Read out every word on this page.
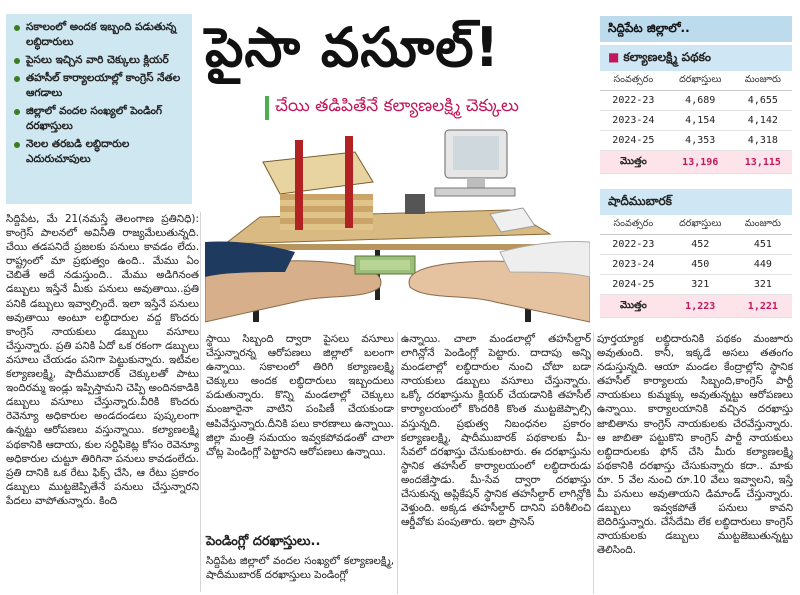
సకాలంలో అందక ఇబ్బంది పడుతున్న లబ్ధిదారులు
పైసలు ఇచ్చిన వారి చెక్కులు క్లియర్
తహసీల్ కార్యాలయాల్లో కాంగ్రెస్ నేతల ఆగడాలు
జిల్లాలో వందల సంఖ్యలో పెండింగ్ దరఖాస్తులు
నెలల తరబడి లబ్ధిదారుల ఎదురుచూపులు
పైసా వసూల్!
చేయి తడిపితేనే కల్యాణలక్ష్మి చెక్కులు
సిద్దిపేట జిల్లాలో..
■ కల్యాణలక్ష్మి పథకం
సంవత్సరం	దరఖాస్తులు	మంజూరు
2022-23	4,689	4,655
2023-24	4,154	4,142
2024-25	4,353	4,318
మొత్తం	13,196	13,115
షాదీముబారక్
సంవత్సరం	దరఖాస్తులు	మంజూరు
2022-23	452	451
2023-24	450	449
2024-25	321	321
మొత్తం	1,223	1,221
సిద్దిపేట, మే 21(నమస్తే తెలంగాణ ప్రతినిధి): కాంగ్రెస్ పాలనలో అవినీతి రాజ్యమేలుతున్నది. చేయి తడపనిదే ప్రజలకు పనులు కావడం లేదు. రాష్ట్రంలో మా ప్రభుత్వం ఉంది.. మేము ఏం చెబితే అదే నడుస్తుంది.. మేము అడిగినంత డబ్బులు ఇస్తేనే మీకు పనులు అవుతాయి..ప్రతి పనికి డబ్బులు ఇవ్వాల్సిందే. ఇలా ఇస్తేనే పనులు అవుతాయి అంటూ లబ్ధిదారుల వద్ద కొందరు కాంగ్రెస్ నాయకులు డబ్బులు వసూలు చేస్తున్నారు. ప్రతి పనికి ఏదో ఒక రకంగా డబ్బులు వసూలు చేయడం పనిగా పెట్టుకున్నారు. ఇటీవల కల్యాణలక్ష్మి, షాదీముబారక్ చెక్కులతో పాటు ఇందిరమ్మ ఇండ్లు ఇప్పిస్తామని చెప్పి అందినకాడికి డబ్బులు వసూలు చేస్తున్నారు.వీరికి కొందరు రెవెన్యూ అధికారుల అండదండలు పుష్కలంగా ఉన్నట్టు ఆరోపణలు వస్తున్నాయి. కల్యాణలక్ష్మి పథకానికి ఆదాయ, కుల సర్టిఫికెట్ల కోసం రెవెన్యూ అధికారుల చుట్టూ తిరిగినా పనులు కావడంలేదు. ప్రతి దానికి ఒక రేటు ఫిక్స్ చేసి, ఆ రేటు ప్రకారం డబ్బులు ముట్టజెప్పితేనే పనులు చేస్తున్నారని పేదలు వాపోతున్నారు. కింది
స్థాయి సిబ్బంది ద్వారా పైసలు వసూలు చేస్తున్నారన్న ఆరోపణలు జిల్లాలో బలంగా ఉన్నాయి. సకాలంలో తిరిగి కల్యాణలక్ష్మి చెక్కులు అందక లబ్ధిదారులు ఇబ్బందులు పడుతున్నారు. కొన్ని మండలాల్లో చెక్కులు మంజూరైనా వాటిని పంపిణీ చేయకుండా ఆపివేస్తున్నారు.దీనికి పలు కారణాలు ఉన్నాయి. జిల్లా మంత్రి సమయం ఇవ్వకపోవడంతో చాలా చోట్ల పెండింగ్లో పెట్టారని ఆరోపణలు ఉన్నాయి.
పెండింగ్లో దరఖాస్తులు..
సిద్దిపేట జిల్లాలో వందల సంఖ్యలో కల్యాణలక్ష్మి, షాదీముబారక్ దరఖాస్తులు పెండింగ్లో
ఉన్నాయి. చాలా మండలాల్లో తహసీల్దార్ లాగిన్లోనే పెండింగ్లో పెట్టారు. దాదాపు అన్ని మండలాల్లో లబ్ధిదారుల నుంచి చోటా బడా నాయకులు డబ్బులు వసూలు చేస్తున్నారు. ఒక్కో దరఖాస్తును క్లియర్ చేయడానికి తహసీల్ కార్యాలయంలో కొందరికి కొంత ముట్టజెప్పాల్సి వస్తున్నది. ప్రభుత్వ నిబంధనల ప్రకారం కల్యాణలక్ష్మి, షాదీముబారక్ పథకాలకు మీ-సేవలో దరఖాస్తు చేసుకుంటారు. ఈ దరఖాస్తును స్థానిక తహసీల్ కార్యాలయంలో లబ్ధిదారుడు అందజేస్తాడు. మీ-సేవ ద్వారా దరఖాస్తు చేసుకున్న అప్లికేషన్ స్థానిక తహసీల్దార్ లాగిన్లోకి వెళ్తుంది. అక్కడ తహసీల్దార్ దానిని పరిశీలించి ఆర్డీవోకు పంపుతారు. ఇలా ప్రాసెస్
పూర్తయ్యాక లబ్ధిదారునికి పథకం మంజూరు అవుతుంది. కానీ, ఇక్కడే అసలు తతంగం నడుస్తున్నది. ఆయా మండల కేంద్రాల్లోని స్థానిక తహసీల్ కార్యాలయ సిబ్బంది,కాంగ్రెస్ పార్టీ నాయకులు కుమ్మక్కు అవుతున్నట్టు ఆరోపణలు ఉన్నాయి. కార్యాలయానికి వచ్చిన దరఖాస్తు జాబితాను కాంగ్రెస్ నాయకులకు చేరవేస్తున్నారు. ఆ జాబితా పట్టుకొని కాంగ్రెస్ పార్టీ నాయకులు లబ్ధిదారులకు ఫోన్ చేసి మీరు కల్యాణలక్ష్మి పథకానికి దరఖాస్తు చేసుకున్నారు కదా.. మాకు రూ. 5 వేల నుంచి రూ.10 వేలు ఇవ్వాలని, ఇస్తే మీ పనులు అవుతాయని డిమాండ్ చేస్తున్నారు. డబ్బులు ఇవ్వకపోతే పనులు కావని బెదిరిస్తున్నారు. చేసేదేమి లేక లబ్ధిదారులు కాంగ్రెస్ నాయకులకు డబ్బులు ముట్టజెబుతున్నట్టు తెలిసింది.
